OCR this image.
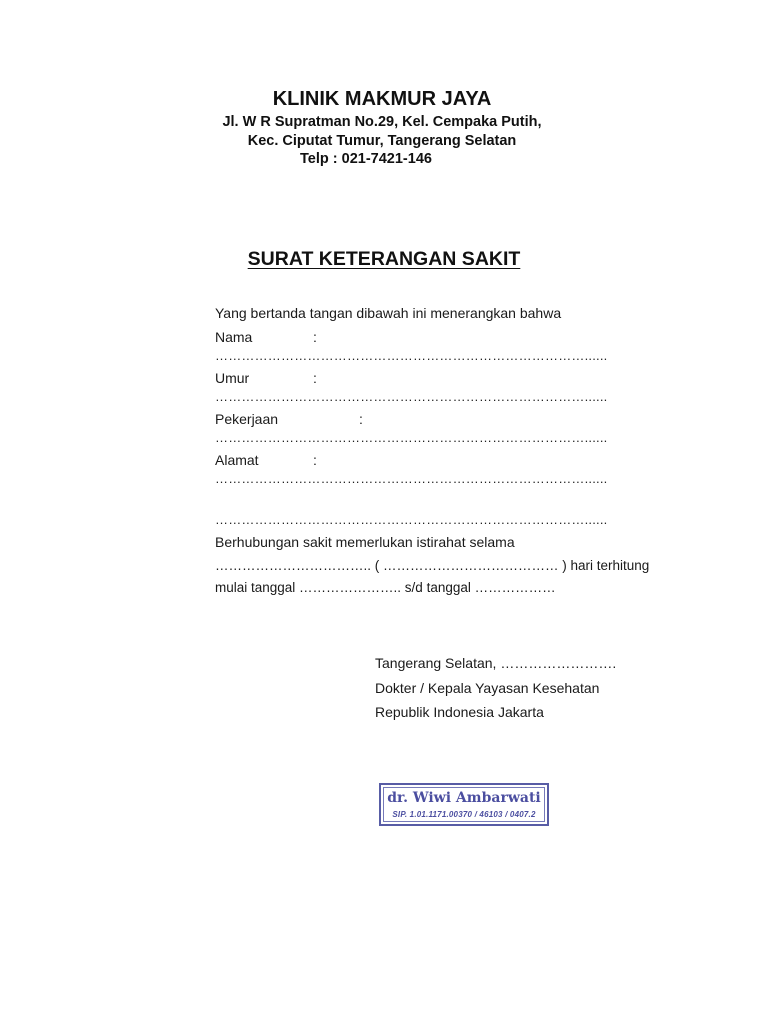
KLINIK MAKMUR JAYA
Jl. W R Supratman No.29, Kel. Cempaka Putih,
Kec. Ciputat Tumur, Tangerang Selatan
Telp : 021-7421-146
SURAT KETERANGAN SAKIT
Yang bertanda tangan dibawah ini menerangkan bahwa
Nama	:
…………………………………………………………………………......
Umur	:
…………………………………………………………………………......
Pekerjaan	:
…………………………………………………………………………......
Alamat	:
…………………………………………………………………………......
…………………………………………………………………………......
Berhubungan sakit memerlukan istirahat selama
…………………………….. ( ………………………………… ) hari terhitung
mulai tanggal ………………….. s/d tanggal ………………
Tangerang Selatan, …………………….
Dokter / Kepala Yayasan Kesehatan
Republik Indonesia Jakarta
dr. Wiwi Ambarwati
SIP. 1.01.1171.00370 / 46103 / 0407.2
